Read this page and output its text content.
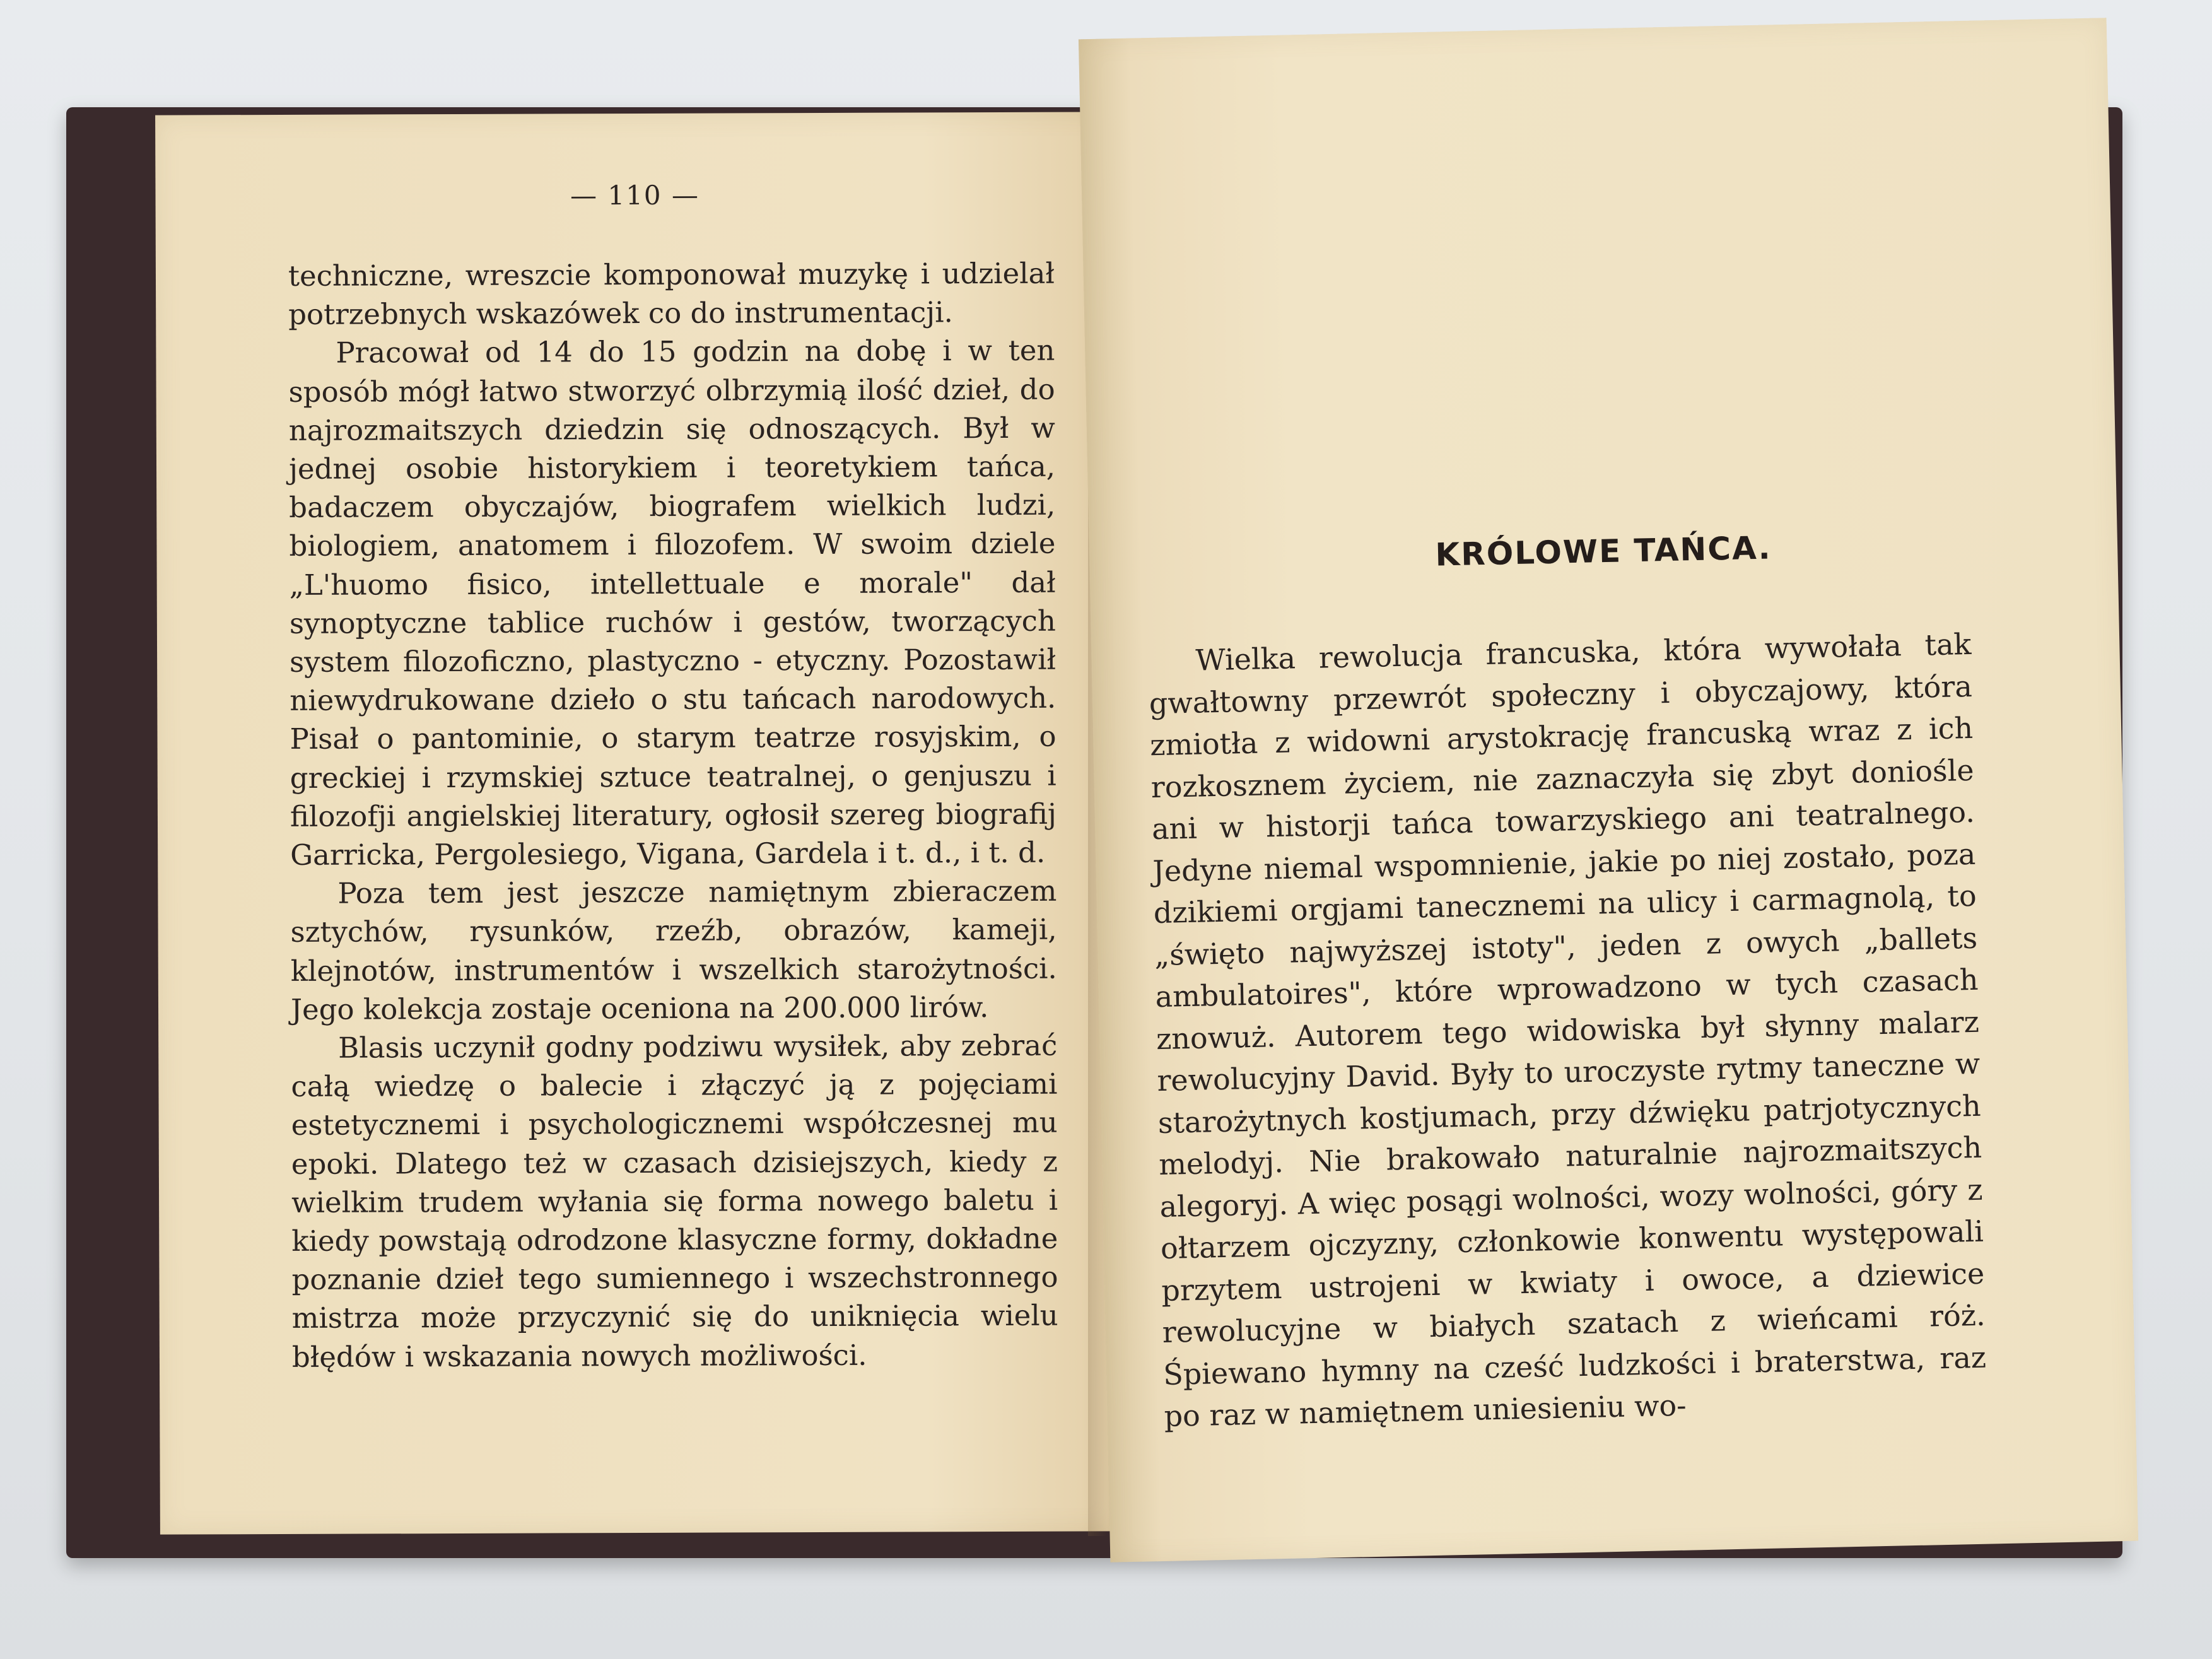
— 110 —

techniczne, wreszcie komponował muzykę i udzielał potrzebnych wskazówek co do instrumentacji.

Pracował od 14 do 15 godzin na dobę i w ten sposób mógł łatwo stworzyć olbrzymią ilość dzieł, do najrozmaitszych dziedzin się odnoszących. Był w jednej osobie historykiem i teoretykiem tańca, badaczem obyczajów, biografem wielkich ludzi, biologiem, anatomem i filozofem. W swoim dziele „L'huomo fisico, intellettuale e morale" dał synoptyczne tablice ruchów i gestów, tworzących system filozoficzno, plastyczno - etyczny. Pozostawił niewydrukowane dzieło o stu tańcach narodowych. Pisał o pantominie, o starym teatrze rosyjskim, o greckiej i rzymskiej sztuce teatralnej, o genjuszu i filozofji angielskiej literatury, ogłosił szereg biografij Garricka, Pergolesiego, Vigana, Gardela i t. d., i t. d.

Poza tem jest jeszcze namiętnym zbieraczem sztychów, rysunków, rzeźb, obrazów, kameji, klejnotów, instrumentów i wszelkich starożytności. Jego kolekcja zostaje oceniona na 200.000 lirów.

Blasis uczynił godny podziwu wysiłek, aby zebrać całą wiedzę o balecie i złączyć ją z pojęciami estetycznemi i psychologicznemi współczesnej mu epoki. Dlatego też w czasach dzisiejszych, kiedy z wielkim trudem wyłania się forma nowego baletu i kiedy powstają odrodzone klasyczne formy, dokładne poznanie dzieł tego sumiennego i wszechstronnego mistrza może przyczynić się do uniknięcia wielu błędów i wskazania nowych możliwości.

KRÓLOWE TAŃCA.

Wielka rewolucja francuska, która wywołała tak gwałtowny przewrót społeczny i obyczajowy, która zmiotła z widowni arystokrację francuską wraz z ich rozkosznem życiem, nie zaznaczyła się zbyt doniośle ani w historji tańca towarzyskiego ani teatralnego. Jedyne niemal wspomnienie, jakie po niej zostało, poza dzikiemi orgjami tanecznemi na ulicy i carmagnolą, to „święto najwyższej istoty", jeden z owych „ballets ambulatoires", które wprowadzono w tych czasach znowuż. Autorem tego widowiska był słynny malarz rewolucyjny David. Były to uroczyste rytmy taneczne w starożytnych kostjumach, przy dźwięku patrjotycznych melodyj. Nie brakowało naturalnie najrozmaitszych alegoryj. A więc posągi wolności, wozy wolności, góry z ołtarzem ojczyzny, członkowie konwentu występowali przytem ustrojeni w kwiaty i owoce, a dziewice rewolucyjne w białych szatach z wieńcami róż. Śpiewano hymny na cześć ludzkości i braterstwa, raz po raz w namiętnem uniesieniu wo-
